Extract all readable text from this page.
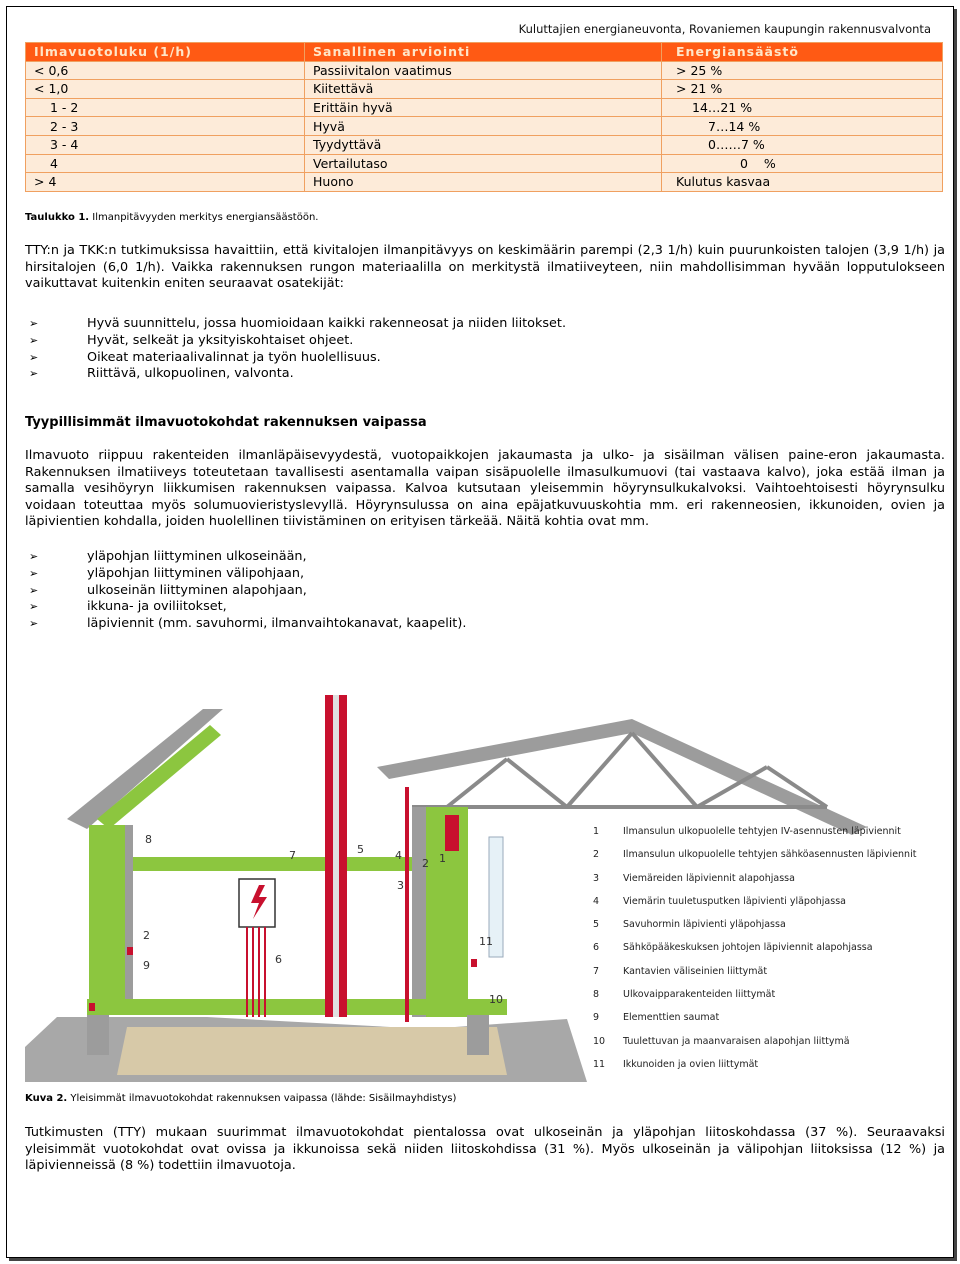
Kuluttajien energianeuvonta, Rovaniemen kaupungin rakennusvalvonta
Ilmavuotoluku (1/h)	Sanallinen arviointi	Energiansäästö
< 0,6	Passiivitalon vaatimus	> 25 %
< 1,0	Kiitettävä	> 21 %
1 - 2	Erittäin hyvä	14…21 %
2 - 3	Hyvä	7…14 %
3 - 4	Tyydyttävä	0……7 %
4	Vertailutaso	0    %
> 4	Huono	Kulutus kasvaa
Taulukko 1. Ilmanpitävyyden merkitys energiansäästöön.
TTY:n ja TKK:n tutkimuksissa havaittiin, että kivitalojen ilmanpitävyys on keskimäärin parempi (2,3 1/h) kuin puurunkoisten talojen (3,9 1/h) ja hirsitalojen (6,0 1/h). Vaikka rakennuksen rungon materiaalilla on merkitystä ilmatiiveyteen, niin mahdollisimman hyvään lopputulokseen vaikuttavat kuitenkin eniten seuraavat osatekijät:
➢	Hyvä suunnittelu, jossa huomioidaan kaikki rakenneosat ja niiden liitokset.
➢	Hyvät, selkeät ja yksityiskohtaiset ohjeet.
➢	Oikeat materiaalivalinnat ja työn huolellisuus.
➢	Riittävä, ulkopuolinen, valvonta.
Tyypillisimmät ilmavuotokohdat rakennuksen vaipassa
Ilmavuoto riippuu rakenteiden ilmanläpäisevyydestä, vuotopaikkojen jakaumasta ja ulko- ja sisäilman välisen paine-eron jakaumasta. Rakennuksen ilmatiiveys toteutetaan tavallisesti asentamalla vaipan sisäpuolelle ilmasulkumuovi (tai vastaava kalvo), joka estää ilman ja samalla vesihöyryn liikkumisen rakennuksen vaipassa. Kalvoa kutsutaan yleisemmin höyrynsulkukalvoksi. Vaihtoehtoisesti höyrynsulku voidaan toteuttaa myös solumuovieristyslevyllä. Höyrynsulussa on aina epäjatkuvuuskohtia mm. eri rakenneosien, ikkunoiden, ovien ja läpivientien kohdalla, joiden huolellinen tiivistäminen on erityisen tärkeää. Näitä kohtia ovat mm.
➢	yläpohjan liittyminen ulkoseinään,
➢	yläpohjan liittyminen välipohjaan,
➢	ulkoseinän liittyminen alapohjaan,
➢	ikkuna- ja oviliitokset,
➢	läpiviennit (mm. savuhormi, ilmanvaihtokanavat, kaapelit).
8
7	5	4
2 1
3
2
9
10
11
6
1	Ilmansulun ulkopuolelle tehtyjen IV-asennusten läpiviennit
2	Ilmansulun ulkopuolelle tehtyjen sähköasennusten läpiviennit
3	Viemäreiden läpiviennit alapohjassa
4	Viemärin tuuletusputken läpivienti yläpohjassa
5	Savuhormin läpivienti yläpohjassa
6	Sähköpääkeskuksen johtojen läpiviennit alapohjassa
7	Kantavien väliseinien liittymät
8	Ulkovaipparakenteiden liittymät
9	Elementtien saumat
10	Tuulettuvan ja maanvaraisen alapohjan liittymä
11	Ikkunoiden ja ovien liittymät
Kuva 2. Yleisimmät ilmavuotokohdat rakennuksen vaipassa (lähde: Sisäilmayhdistys)
Tutkimusten (TTY) mukaan suurimmat ilmavuotokohdat pientalossa ovat ulkoseinän ja yläpohjan liitoskohdassa (37 %). Seuraavaksi yleisimmät vuotokohdat ovat ovissa ja ikkunoissa sekä niiden liitoskohdissa (31 %). Myös ulkoseinän ja välipohjan liitoksissa (12 %) ja läpivienneissä (8 %) todettiin ilmavuotoja.
